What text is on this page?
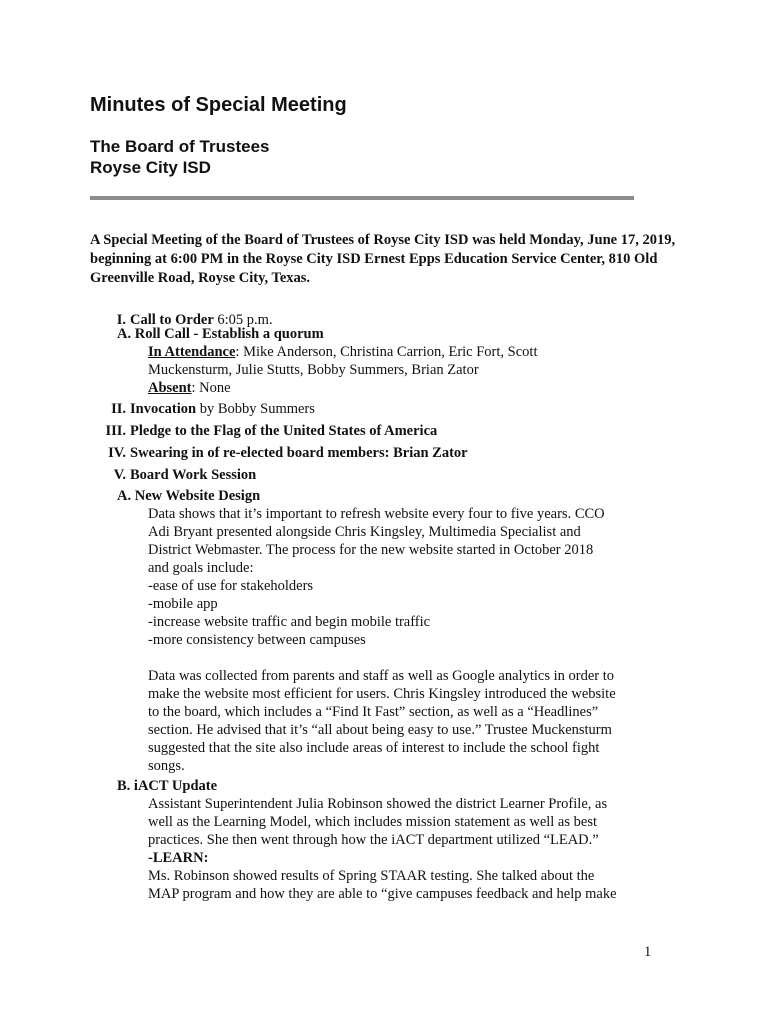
Minutes of Special Meeting
The Board of Trustees
Royse City ISD
A Special Meeting of the Board of Trustees of Royse City ISD was held Monday, June 17, 2019, beginning at 6:00 PM in the Royse City ISD Ernest Epps Education Service Center, 810 Old Greenville Road, Royse City, Texas.
I. Call to Order 6:05 p.m.
A. Roll Call - Establish a quorum
In Attendance: Mike Anderson, Christina Carrion, Eric Fort, Scott
Muckensturm, Julie Stutts, Bobby Summers, Brian Zator
Absent: None
II. Invocation by Bobby Summers
III. Pledge to the Flag of the United States of America
IV. Swearing in of re-elected board members: Brian Zator
V. Board Work Session
A. New Website Design
Data shows that it’s important to refresh website every four to five years. CCO
Adi Bryant presented alongside Chris Kingsley, Multimedia Specialist and
District Webmaster. The process for the new website started in October 2018
and goals include:
-ease of use for stakeholders
-mobile app
-increase website traffic and begin mobile traffic
-more consistency between campuses
Data was collected from parents and staff as well as Google analytics in order to
make the website most efficient for users. Chris Kingsley introduced the website
to the board, which includes a “Find It Fast” section, as well as a “Headlines”
section. He advised that it’s “all about being easy to use.” Trustee Muckensturm
suggested that the site also include areas of interest to include the school fight
songs.
B. iACT Update
Assistant Superintendent Julia Robinson showed the district Learner Profile, as
well as the Learning Model, which includes mission statement as well as best
practices. She then went through how the iACT department utilized “LEAD.”
-LEARN:
Ms. Robinson showed results of Spring STAAR testing. She talked about the
MAP program and how they are able to “give campuses feedback and help make
1
